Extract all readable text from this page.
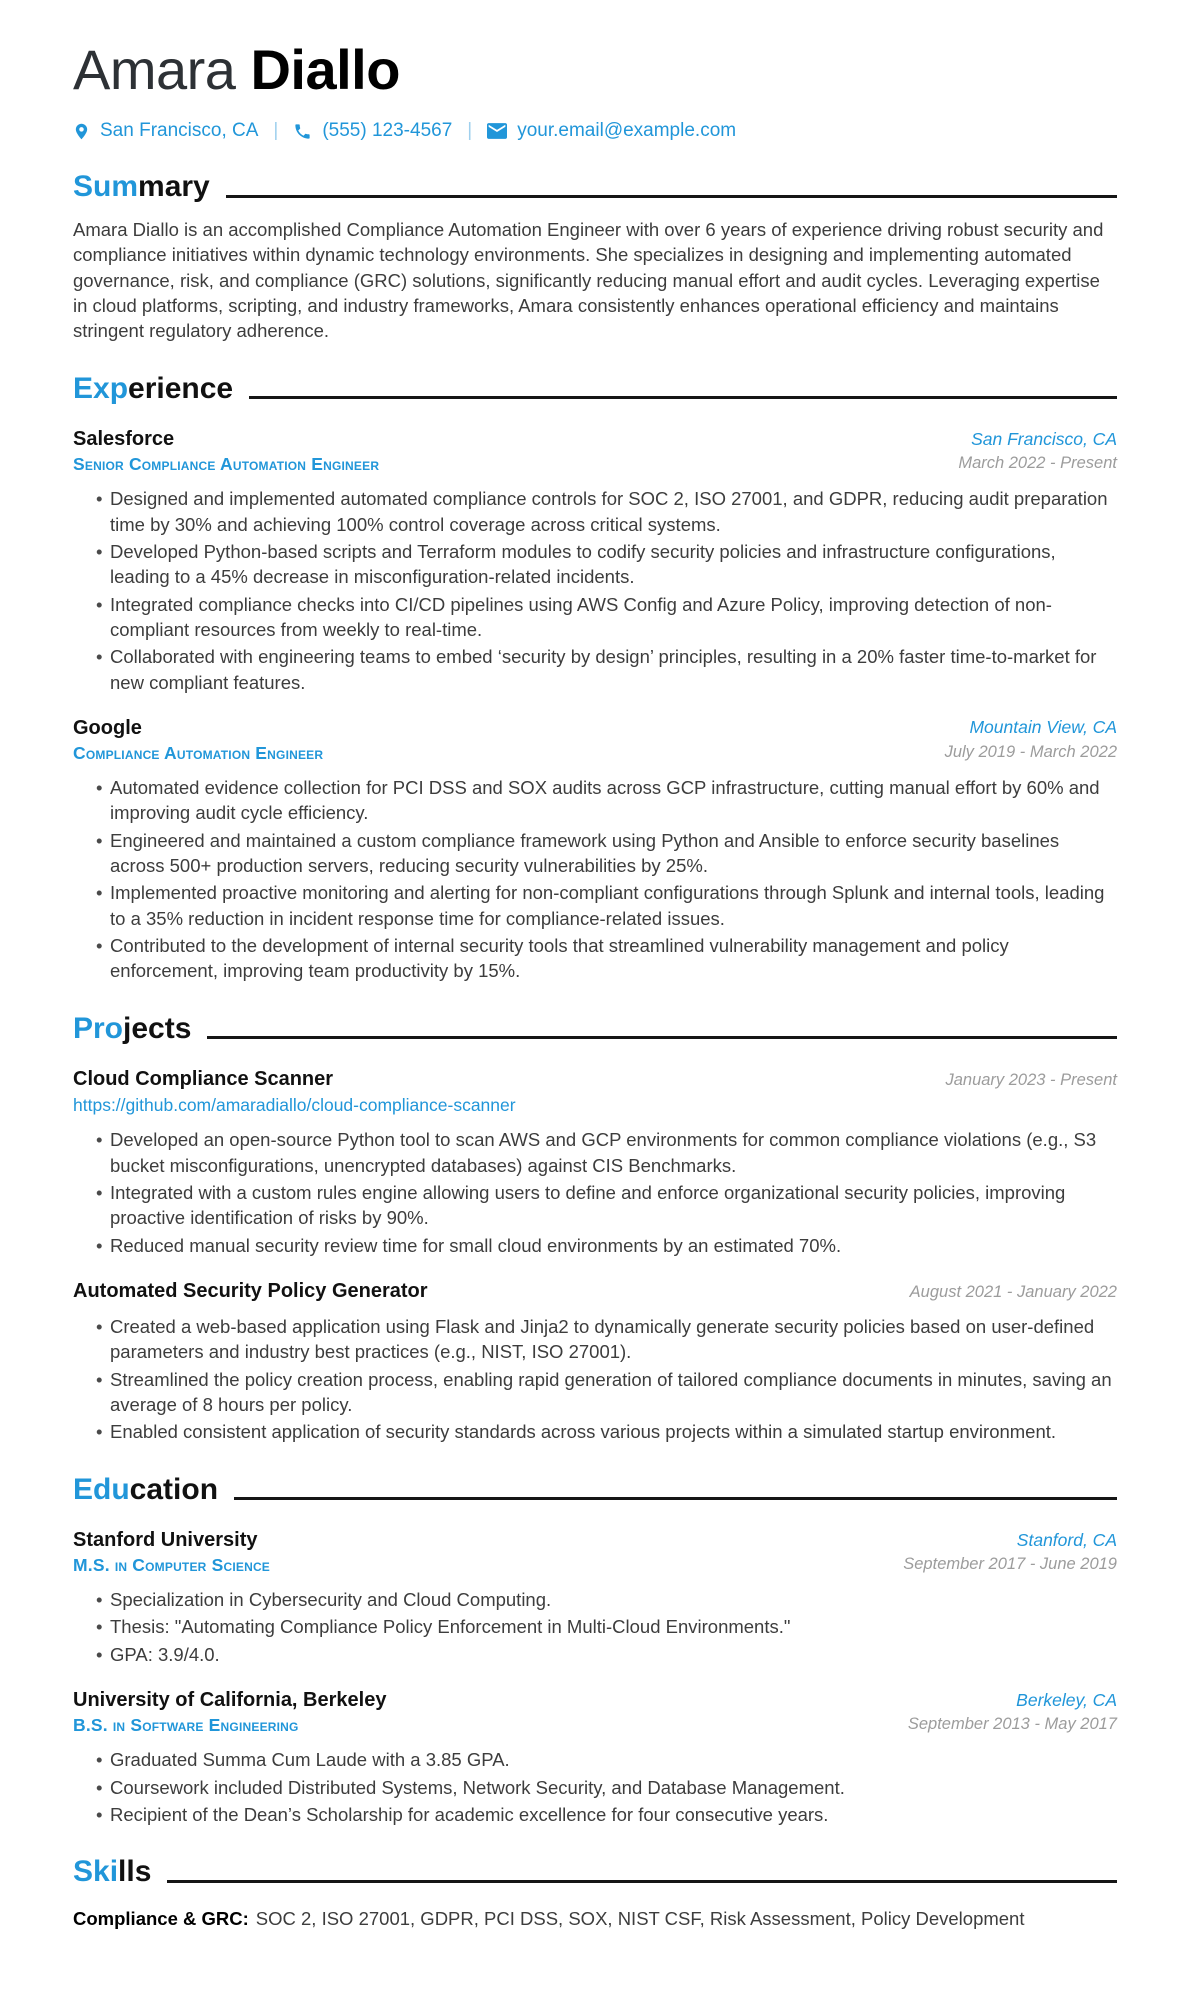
Amara Diallo
San Francisco, CA | (555) 123-4567 | your.email@example.com
Sum mary

Amara Diallo is an accomplished Compliance Automation Engineer with over 6 years of experience driving robust security and compliance initiatives within dynamic technology environments. She specializes in designing and implementing automated governance, risk, and compliance (GRC) solutions, significantly reducing manual effort and audit cycles. Leveraging expertise in cloud platforms, scripting, and industry frameworks, Amara consistently enhances operational efficiency and maintains stringent regulatory adherence.

Exp erience
Salesforce	San Francisco, CA
Senior Compliance Automation Engineer	March 2022 - Present
• Designed and implemented automated compliance controls for SOC 2, ISO 27001, and GDPR, reducing audit preparation time by 30% and achieving 100% control coverage across critical systems.
• Developed Python-based scripts and Terraform modules to codify security policies and infrastructure configurations, leading to a 45% decrease in misconfiguration-related incidents.
• Integrated compliance checks into CI/CD pipelines using AWS Config and Azure Policy, improving detection of non-compliant resources from weekly to real-time.
• Collaborated with engineering teams to embed ‘security by design’ principles, resulting in a 20% faster time-to-market for new compliant features.
Google	Mountain View, CA
Compliance Automation Engineer	July 2019 - March 2022
• Automated evidence collection for PCI DSS and SOX audits across GCP infrastructure, cutting manual effort by 60% and improving audit cycle efficiency.
• Engineered and maintained a custom compliance framework using Python and Ansible to enforce security baselines across 500+ production servers, reducing security vulnerabilities by 25%.
• Implemented proactive monitoring and alerting for non-compliant configurations through Splunk and internal tools, leading to a 35% reduction in incident response time for compliance-related issues.
• Contributed to the development of internal security tools that streamlined vulnerability management and policy enforcement, improving team productivity by 15%.
Pro jects
Cloud Compliance Scanner	January 2023 - Present
https://github.com/amaradiallo/cloud-compliance-scanner
• Developed an open-source Python tool to scan AWS and GCP environments for common compliance violations (e.g., S3 bucket misconfigurations, unencrypted databases) against CIS Benchmarks.
• Integrated with a custom rules engine allowing users to define and enforce organizational security policies, improving proactive identification of risks by 90%.
• Reduced manual security review time for small cloud environments by an estimated 70%.
Automated Security Policy Generator	August 2021 - January 2022
• Created a web-based application using Flask and Jinja2 to dynamically generate security policies based on user-defined parameters and industry best practices (e.g., NIST, ISO 27001).
• Streamlined the policy creation process, enabling rapid generation of tailored compliance documents in minutes, saving an average of 8 hours per policy.
• Enabled consistent application of security standards across various projects within a simulated startup environment.
Edu cation
Stanford University	Stanford, CA
M.S. in Computer Science	September 2017 - June 2019
• Specialization in Cybersecurity and Cloud Computing.
• Thesis: "Automating Compliance Policy Enforcement in Multi-Cloud Environments."
• GPA: 3.9/4.0.
University of California, Berkeley	Berkeley, CA
B.S. in Software Engineering	September 2013 - May 2017
• Graduated Summa Cum Laude with a 3.85 GPA.
• Coursework included Distributed Systems, Network Security, and Database Management.
• Recipient of the Dean’s Scholarship for academic excellence for four consecutive years.
Ski lls

Compliance & GRC: SOC 2, ISO 27001, GDPR, PCI DSS, SOX, NIST CSF, Risk Assessment, Policy Development
